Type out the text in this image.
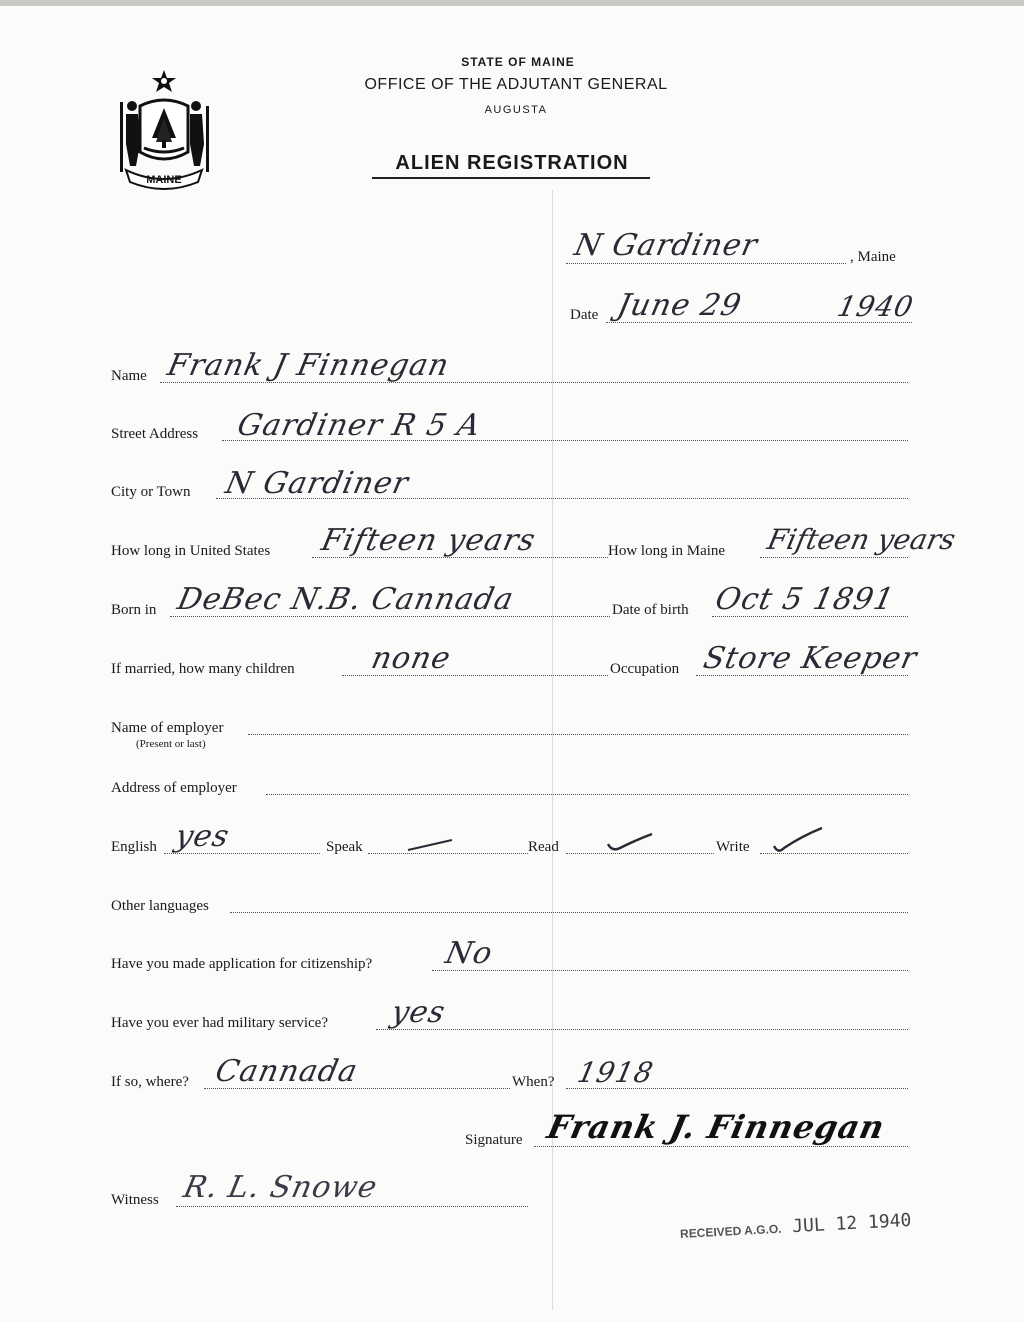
MAINE
STATE OF MAINE
OFFICE OF THE ADJUTANT GENERAL
AUGUSTA
ALIEN REGISTRATION
N Gardiner	, Maine
Date June 29	1940
Name Frank J Finnegan
Street Address Gardiner R 5 A
City or Town N Gardiner
How long in United States Fifteen years	How long in Maine Fifteen years
Born in DeBec N.B. Cannada	Date of birth Oct 5 1891
If married, how many children none	Occupation Store Keeper
Name of employer
(Present or last)
Address of employer
English yes	Speak	Read	Write
Other languages
Have you made application for citizenship? No
Have you ever had military service? yes
If so, where? Cannada	When? 1918
Signature Frank J. Finnegan
Witness R. L. Snowe
RECEIVED A.G.O. JUL 12 1940
